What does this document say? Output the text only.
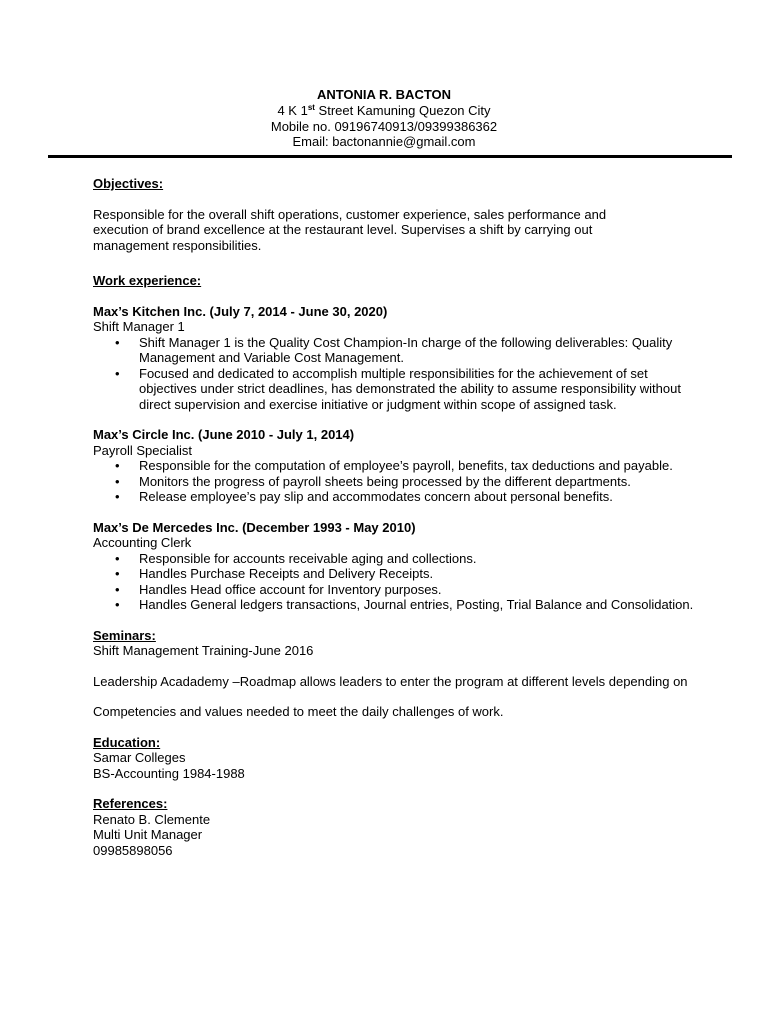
ANTONIA R. BACTON
4 K 1st Street Kamuning Quezon City
Mobile no. 09196740913/09399386362
Email: bactonannie@gmail.com

Objectives:

Responsible for the overall shift operations, customer experience, sales performance and execution of brand excellence at the restaurant level. Supervises a shift by carrying out management responsibilities.

Work experience:

Max’s Kitchen Inc. (July 7, 2014 - June 30, 2020)

Shift Manager 1

• Shift Manager 1 is the Quality Cost Champion-In charge of the following deliverables: Quality Management and Variable Cost Management.
• Focused and dedicated to accomplish multiple responsibilities for the achievement of set objectives under strict deadlines, has demonstrated the ability to assume responsibility without direct supervision and exercise initiative or judgment within scope of assigned task.

Max’s Circle Inc. (June 2010 - July 1, 2014)

Payroll Specialist

• Responsible for the computation of employee’s payroll, benefits, tax deductions and payable.
• Monitors the progress of payroll sheets being processed by the different departments.
• Release employee’s pay slip and accommodates concern about personal benefits.

Max’s De Mercedes Inc. (December 1993 - May 2010)

Accounting Clerk

• Responsible for accounts receivable aging and collections.
• Handles Purchase Receipts and Delivery Receipts.
• Handles Head office account for Inventory purposes.
• Handles General ledgers transactions, Journal entries, Posting, Trial Balance and Consolidation.

Seminars:

Shift Management Training-June 2016

Leadership Acadademy –Roadmap allows leaders to enter the program at different levels depending on

Competencies and values needed to meet the daily challenges of work.

Education:

Samar Colleges

BS-Accounting 1984-1988

References:

Renato B. Clemente

Multi Unit Manager

09985898056
